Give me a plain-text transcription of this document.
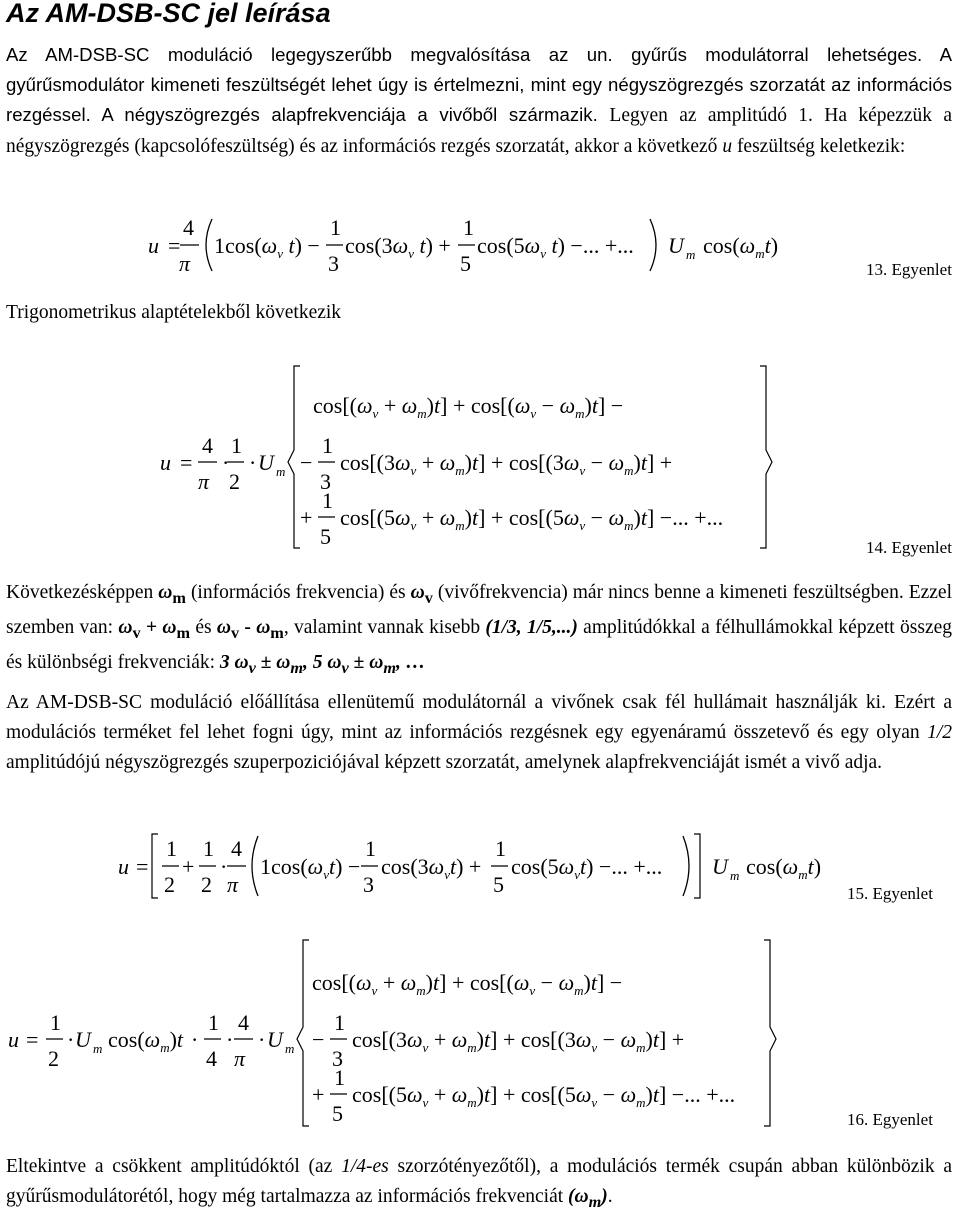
Az AM-DSB-SC jel leírása
Az AM-DSB-SC moduláció legegyszerűbb megvalósítása az un. gyűrűs modulátorral lehetséges. A gyűrűsmodulátor kimeneti feszültségét lehet úgy is értelmezni, mint egy négyszögrezgés szorzatát az információs rezgéssel. A négyszögrezgés alapfrekvenciája a vivőből származik. Legyen az amplitúdó 1. Ha képezzük a négyszögrezgés (kapcsolófeszültség) és az információs rezgés szorzatát, akkor a következő u feszültség keletkezik:
u =
4
π
$1\cos(\omega_v$ t) −
1
3
$\cos(3\omega_v$ t) +
1
5
$\cos(5\omega_v$ t) −... +... U m $\cos(\omega_mt)$
13. Egyenlet
Trigonometrikus alaptételekből következik
u =
4
π
·
1
2
· U m
$\cos[(\omega_v + \omega_m)t] + \cos[(\omega_v - \omega_m)t]$ −
−
1
3
$\cos[(3\omega_v + \omega_m)t] + \cos[(3\omega_v - \omega_m)t]$ +
+
1
5
$\cos[(5\omega_v + \omega_m)t] + \cos[(5\omega_v - \omega_m)t]$ −... +...
14. Egyenlet
Következésképpen $\omega_m$ (információs frekvencia) és $\omega_v$ (vivőfrekvencia) már nincs benne a kimeneti feszültségben. Ezzel szemben van: $\omega_v + \omega_m$ és $\omega_v - \omega_m$, valamint vannak kisebb (1/3, 1/5,...) amplitúdókkal a félhullámokkal képzett összeg és különbségi frekvenciák: 3 $\omega_v \pm \omega_m$, 5 $\omega_v \pm \omega_m$, …
Az AM-DSB-SC moduláció előállítása ellenütemű modulátornál a vivőnek csak fél hullámait használják ki. Ezért a modulációs terméket fel lehet fogni úgy, mint az információs rezgésnek egy egyenáramú összetevő és egy olyan 1/2 amplitúdójú négyszögrezgés szuperpoziciójával képzett szorzatát, amelynek alapfrekvenciáját ismét a vivő adja.
u =
1
2
+
1
2
·
4
π
$1\cos(\omega_vt)$ −
1
3
$\cos(3\omega_vt)$ +
1
5
$\cos(5\omega_vt)$ −... +... U m $\cos(\omega_mt)$
15. Egyenlet
u =
1
2
· U m $\cos(\omega_m)t$ ·
1
4
·
4
π
· U m
$\cos[(\omega_v + \omega_m)t] + \cos[(\omega_v - \omega_m)t]$ −
−
1
3
$\cos[(3\omega_v + \omega_m)t] + \cos[(3\omega_v - \omega_m)t]$ +
+
1
5
$\cos[(5\omega_v + \omega_m)t] + \cos[(5\omega_v - \omega_m)t]$ −... +...
16. Egyenlet
Eltekintve a csökkent amplitúdóktól (az 1/4-es szorzótényezőtől), a modulációs termék csupán abban különbözik a gyűrűsmodulátorétól, hogy még tartalmazza az információs frekvenciát $(\omega_m)$.
